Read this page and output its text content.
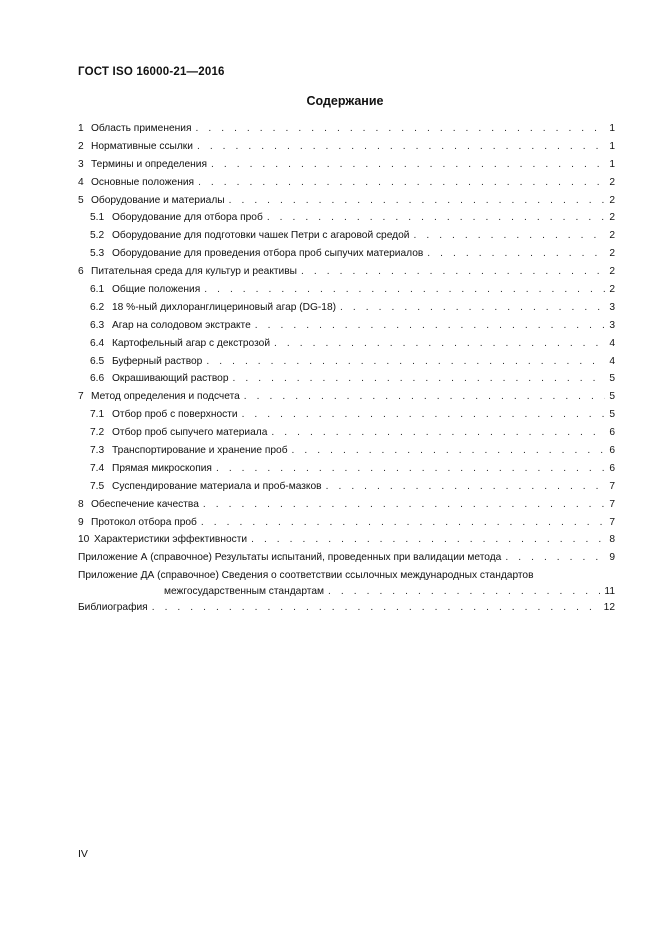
ГОСТ ISO 16000-21—2016
Содержание
1 Область применения . . .	1
2 Нормативные ссылки . . .	1
3 Термины и определения . . .	1
4 Основные положения . . .	2
5 Оборудование и материалы . . .	2
5.1 Оборудование для отбора проб . . .	2
5.2 Оборудование для подготовки чашек Петри с агаровой средой . . .	2
5.3 Оборудование для проведения отбора проб сыпучих материалов . . .	2
6 Питательная среда для культур и реактивы . . .	2
6.1 Общие положения . . .	2
6.2 18 %-ный дихлоранглицериновый агар (DG-18) . . .	3
6.3 Агар на солодовом экстракте . . .	3
6.4 Картофельный агар с декстрозой . . .	4
6.5 Буферный раствор . . .	4
6.6 Окрашивающий раствор . . .	5
7 Метод определения и подсчета . . .	5
7.1 Отбор проб с поверхности . . .	5
7.2 Отбор проб сыпучего материала . . .	6
7.3 Транспортирование и хранение проб . . .	6
7.4 Прямая микроскопия . . .	6
7.5 Суспендирование материала и проб-мазков . . .	7
8 Обеспечение качества . . .	7
9 Протокол отбора проб . . .	7
10 Характеристики эффективности . . .	8
Приложение А (справочное) Результаты испытаний, проведенных при валидации метода . . .	9
Приложение ДА (справочное) Сведения о соответствии ссылочных международных стандартов
межгосударственным стандартам . . .	11
Библиография . . .	12
IV
